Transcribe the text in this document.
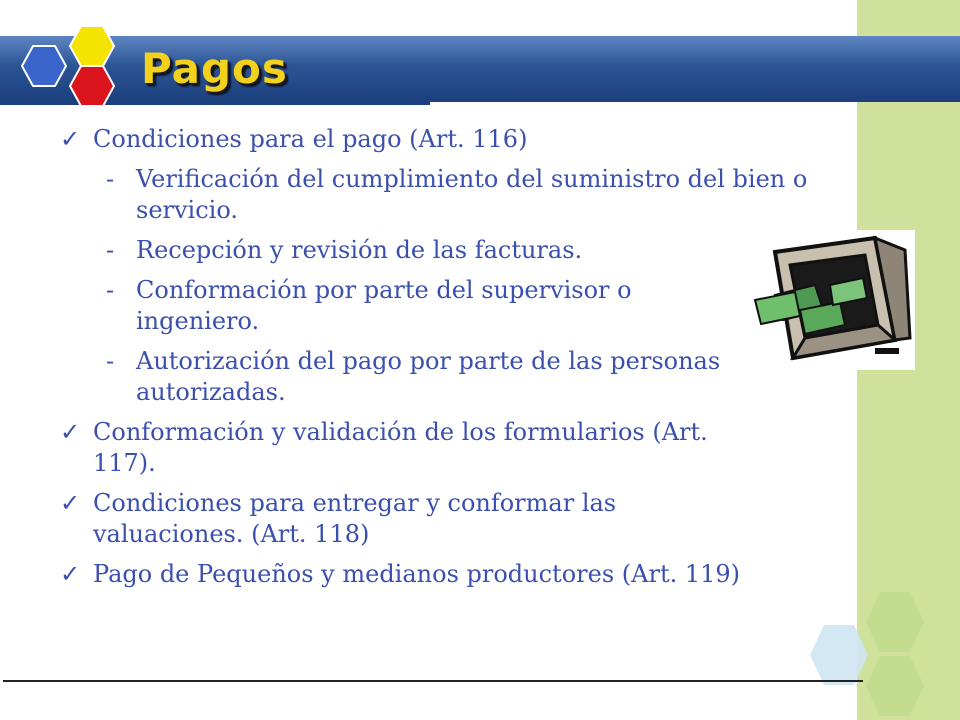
Pagos
✓ Condiciones para el pago (Art. 116)
- Verificación del cumplimiento del suministro del bien o servicio.
- Recepción y revisión de las facturas.
- Conformación por parte del supervisor o ingeniero.
- Autorización del pago por parte de las personas autorizadas.
✓ Conformación y validación de los formularios (Art. 117).
✓ Condiciones para entregar y conformar las valuaciones. (Art. 118)
✓ Pago de Pequeños y medianos productores (Art. 119)
